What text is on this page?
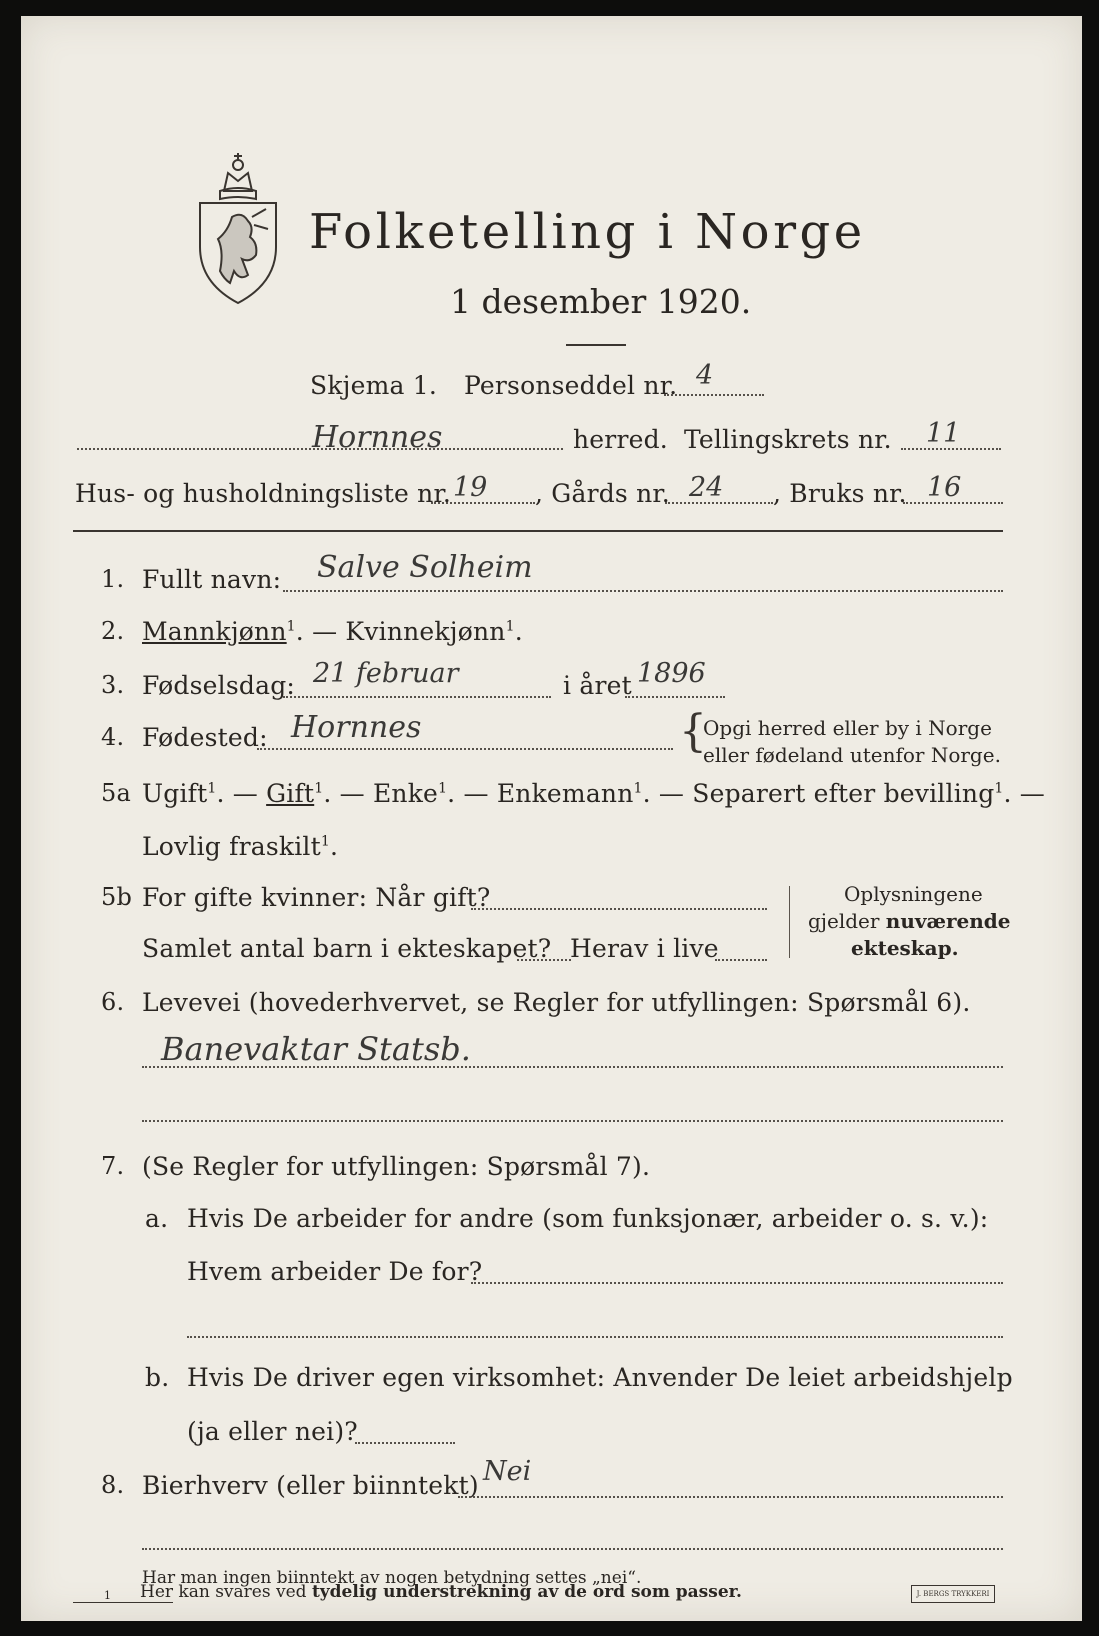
Folketelling i Norge
1 desember 1920.
Skjema 1. Personseddel nr. 4
Hornnes	herred. Tellingskrets nr. 11
Hus- og husholdningsliste nr. 19 , Gårds nr. 24 , Bruks nr. 16
1. Fullt navn: Salve Solheim
2. Mannkjønn$^1$. — Kvinnekjønn$^1$.
3. Fødselsdag: 21 februar	i året 1896
4. Fødested: Hornnes	{
Opgi herred eller by i Norge
eller fødeland utenfor Norge.
5a Ugift$^1$. — Gift$^1$. — Enke$^1$. — Enkemann$^1$. — Separert efter bevilling$^1$. —
Lovlig fraskilt$^1$.
5b For gifte kvinner: Når gift?
Samlet antal barn i ekteskapet? Herav i live
Oplysningene
gjelder nuværende
ekteskap.
6. Levevei (hovederhvervet, se Regler for utfyllingen: Spørsmål 6).
Banevaktar Statsb.
7. (Se Regler for utfyllingen: Spørsmål 7).
a. Hvis De arbeider for andre (som funksjonær, arbeider o. s. v.):
Hvem arbeider De for?
b. Hvis De driver egen virksomhet: Anvender De leiet arbeidshjelp
(ja eller nei)?
8. Bierhverv (eller biinntekt) Nei
Har man ingen biinntekt av nogen betydning settes „nei“.
1 Her kan svares ved tydelig understrekning av de ord som passer.	J. BERGS TRYKKERI
